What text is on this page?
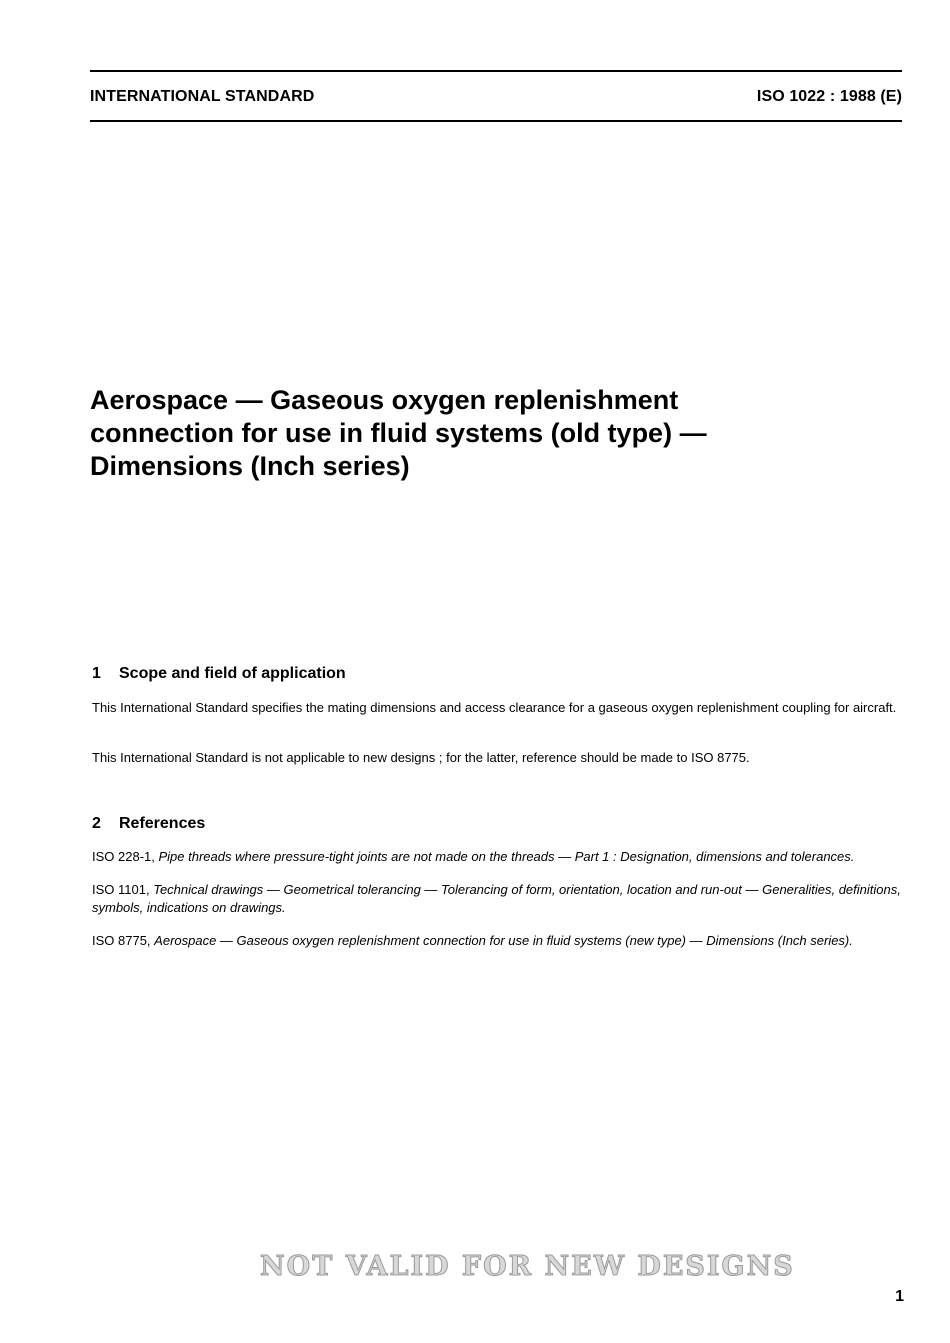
INTERNATIONAL STANDARD	ISO 1022 : 1988 (E)
Aerospace — Gaseous oxygen replenishment
connection for use in fluid systems (old type) —
Dimensions (Inch series)
1 Scope and field of application

This International Standard specifies the mating dimensions and access clearance for a gaseous oxygen replenishment coupling for aircraft.

This International Standard is not applicable to new designs ; for the latter, reference should be made to ISO 8775.

2 References

ISO 228-1, Pipe threads where pressure-tight joints are not made on the threads — Part 1 : Designation, dimensions and tolerances.

ISO 1101, Technical drawings — Geometrical tolerancing — Tolerancing of form, orientation, location and run-out — Generalities, definitions, symbols, indications on drawings.

ISO 8775, Aerospace — Gaseous oxygen replenishment connection for use in fluid systems (new type) — Dimensions (Inch series).

NOT VALID FOR NEW DESIGNS
1
